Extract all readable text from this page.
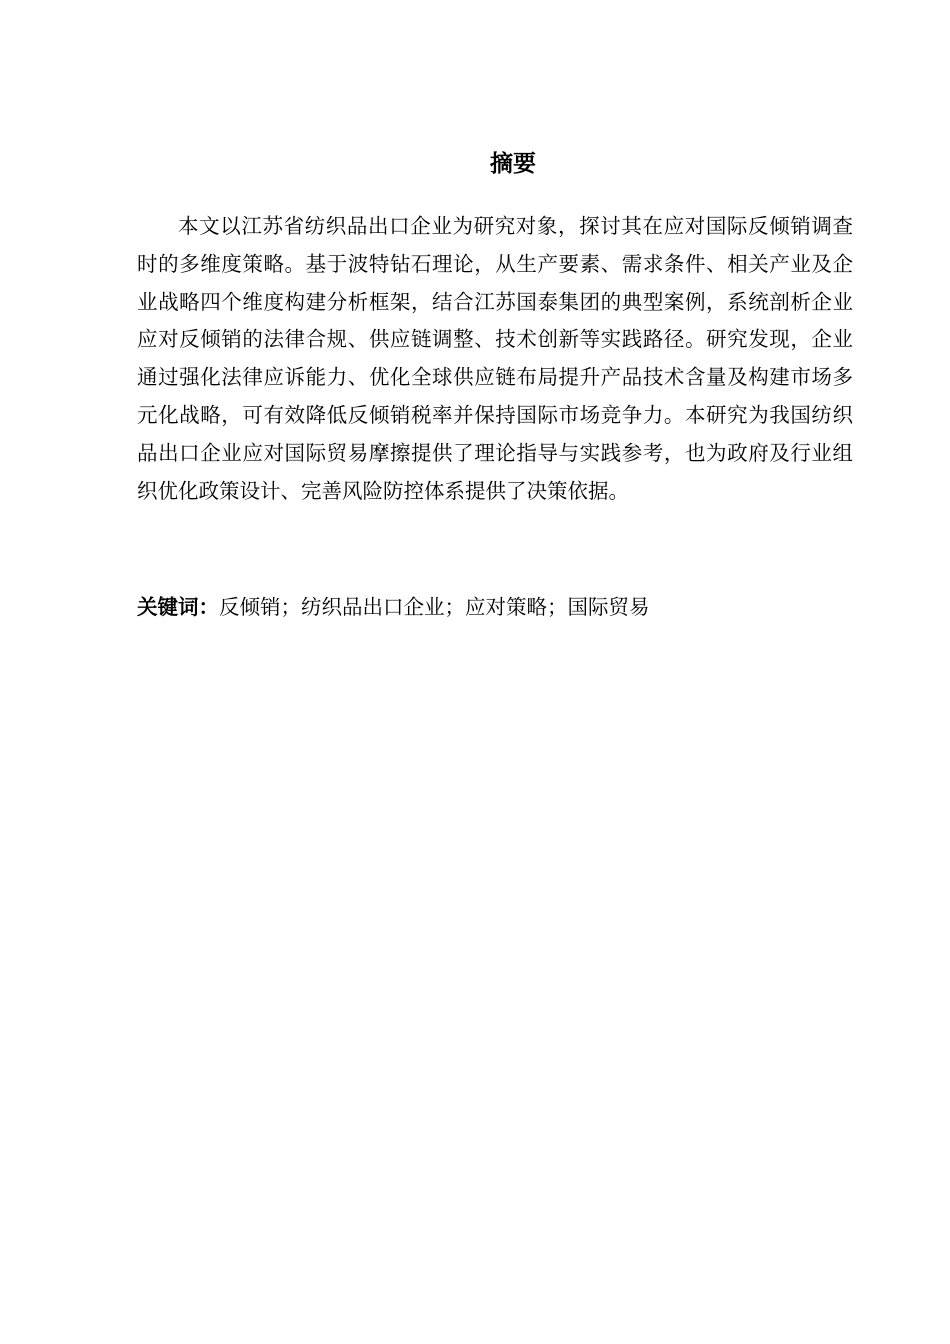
摘要

本文以江苏省纺织品出口企业为研究对象，探讨其在应对国际反倾销调查时的多维度策略。基于波特钻石理论，从生产要素、需求条件、相关产业及企业战略四个维度构建分析框架，结合江苏国泰集团的典型案例，系统剖析企业应对反倾销的法律合规、供应链调整、技术创新等实践路径。研究发现，企业通过强化法律应诉能力、优化全球供应链布局提升产品技术含量及构建市场多元化战略，可有效降低反倾销税率并保持国际市场竞争力。本研究为我国纺织品出口企业应对国际贸易摩擦提供了理论指导与实践参考，也为政府及行业组织优化政策设计、完善风险防控体系提供了决策依据。

关键词：反倾销；纺织品出口企业；应对策略；国际贸易
